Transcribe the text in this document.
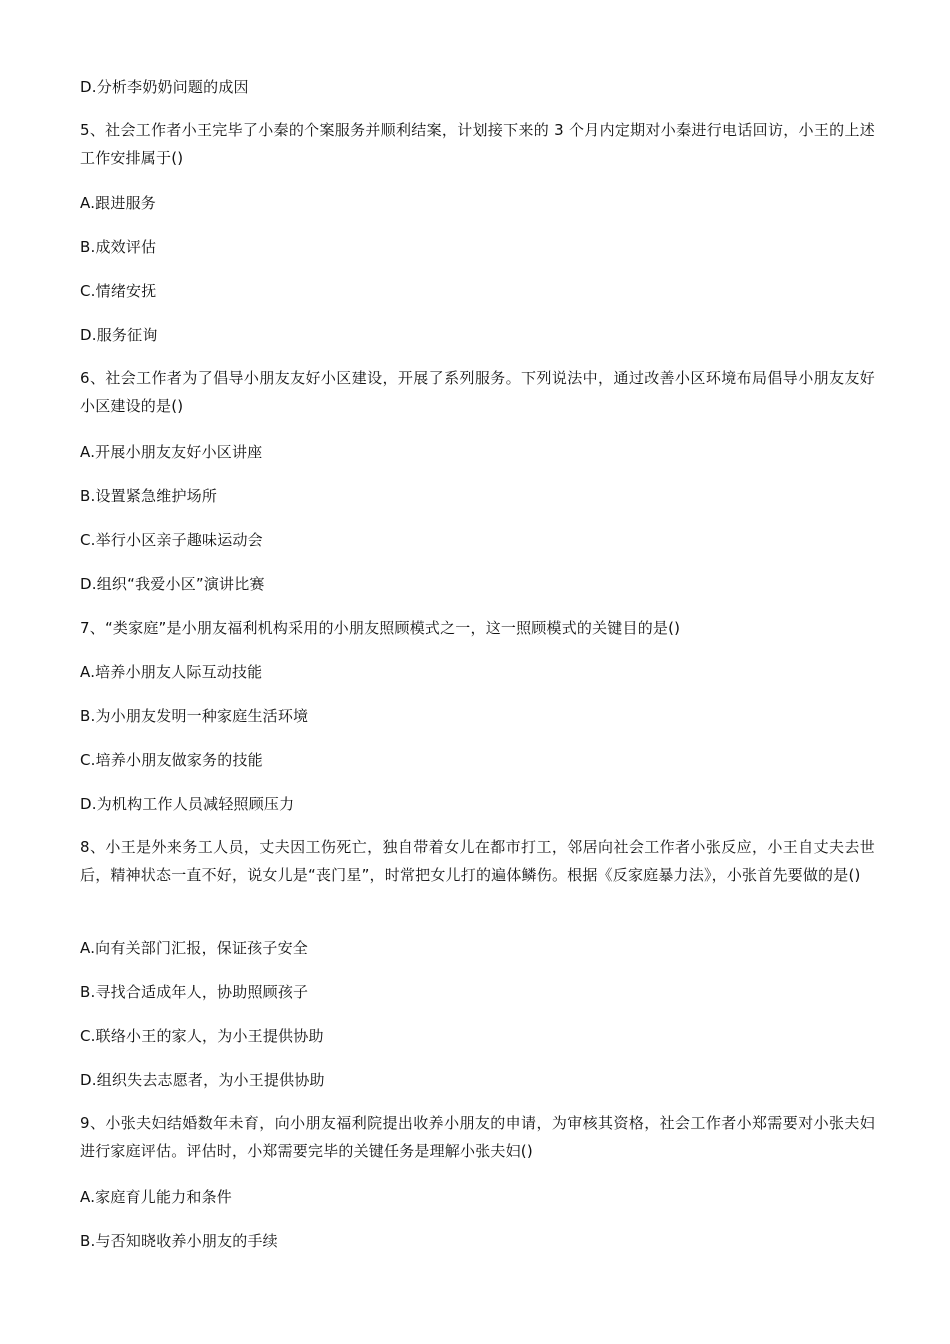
D.分析李奶奶问题的成因
5、社会工作者小王完毕了小秦的个案服务并顺利结案，计划接下来的 3 个月内定期对小秦进行电话回访，小王的上述工作安排属于()
A.跟进服务
B.成效评估
C.情绪安抚
D.服务征询
6、社会工作者为了倡导小朋友友好小区建设，开展了系列服务。下列说法中，通过改善小区环境布局倡导小朋友友好小区建设的是()
A.开展小朋友友好小区讲座
B.设置紧急维护场所
C.举行小区亲子趣味运动会
D.组织“我爱小区”演讲比赛
7、“类家庭”是小朋友福利机构采用的小朋友照顾模式之一，这一照顾模式的关键目的是()
A.培养小朋友人际互动技能
B.为小朋友发明一种家庭生活环境
C.培养小朋友做家务的技能
D.为机构工作人员减轻照顾压力
8、小王是外来务工人员，丈夫因工伤死亡，独自带着女儿在都市打工，邻居向社会工作者小张反应，小王自丈夫去世后，精神状态一直不好，说女儿是“丧门星”，时常把女儿打的遍体鳞伤。根据《反家庭暴力法》，小张首先要做的是()
A.向有关部门汇报，保证孩子安全
B.寻找合适成年人，协助照顾孩子
C.联络小王的家人，为小王提供协助
D.组织失去志愿者，为小王提供协助
9、小张夫妇结婚数年未育，向小朋友福利院提出收养小朋友的申请，为审核其资格，社会工作者小郑需要对小张夫妇进行家庭评估。评估时，小郑需要完毕的关键任务是理解小张夫妇()
A.家庭育儿能力和条件
B.与否知晓收养小朋友的手续
